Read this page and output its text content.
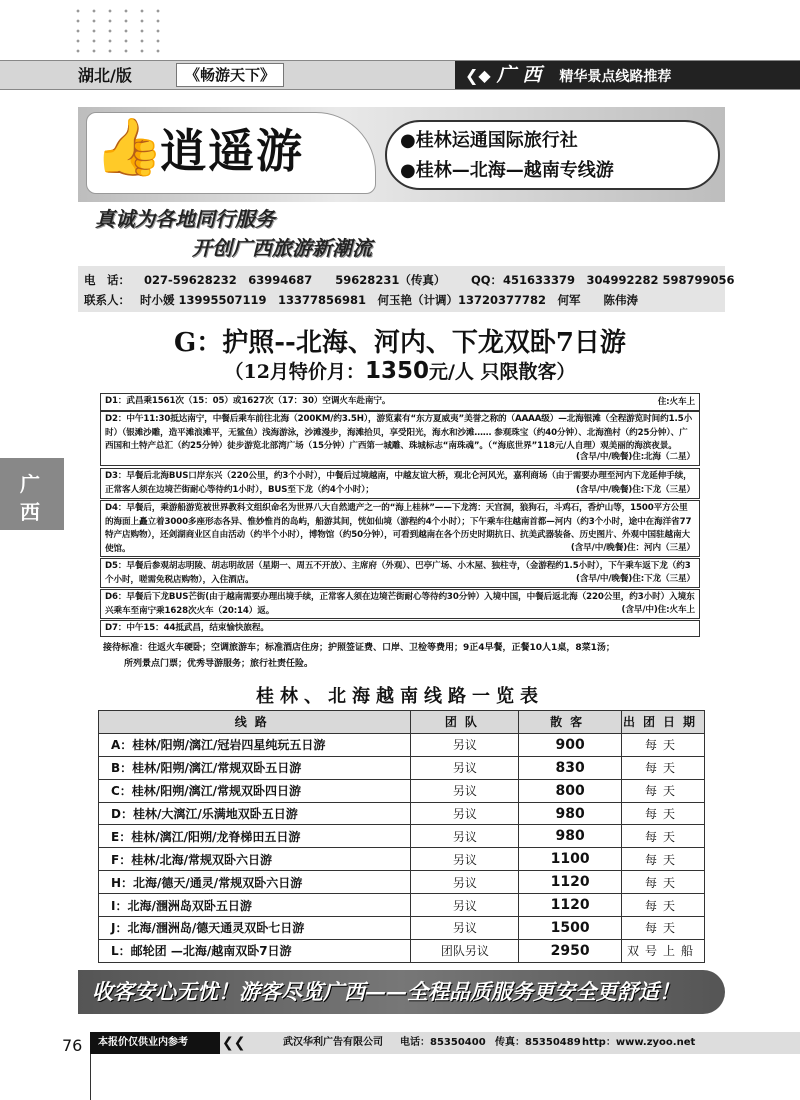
湖北/版	《畅游天下》	❮◆ 广 西 精华景点线路推荐
👍
逍遥游	●桂林运通国际旅行社
●桂林—北海—越南专线游
真诚为各地同行服务
开创广西旅游新潮流
电　话： 027-59628232　63994687　　59628231（传真） QQ： 451633379　304992282 598799056
联系人： 时小媛 13995507119　13377856981　何玉艳（计调）13720377782　何军　　陈伟涛
G：护照--北海、河内、下龙双卧7日游
（12月特价月：1350元/人 只限散客）
D1：武昌乘1561次（15：05）或1627次（17：30）空调火车赴南宁。	住:火车上
D2：中午11:30抵达南宁，中餐后乘车前往北海（200KM/约3.5H），游览素有“东方夏威夷”美誉之称的（AAAA级）—北海银滩（全程游览时间约1.5小时）（银滩沙雕，造平滩浪滩平，无鲨鱼）浅海游泳，沙滩漫步，海滩拾贝，享受阳光，海水和沙滩…… 参观珠宝（约40分钟）、北海渔村（约25分钟）、广西国和土特产总汇（约25分钟）徒步游览北部湾广场（15分钟）广西第一城雕、珠城标志“南珠魂”。（“海底世界”118元/人自理）观美丽的海滨夜景。
(含早/中/晚餐)住:北海（二星）
D3：早餐后北海BUS口岸东兴（220公里，约3个小时），中餐后过境越南，中越友谊大桥，观北仑河风光，嘉利商场（由于需要办理至河内下龙延伸手续，正常客人须在边境芒街耐心等待约1小时），BUS至下龙（约4个小时）；	(含早/中/晚餐)住:下龙（三星）
D4：早餐后，乘游船游览被世界教科文组织命名为世界八大自然遗产之一的“海上桂林”——下龙湾：天宫洞，狼狗石，斗鸡石，香炉山等，1500平方公里的海面上矗立着3000多座形态各异、惟妙惟肖的岛屿，船游其间，恍如仙境（游程约4个小时）；下午乘车往越南首都—河内（约3个小时，途中在海洋省77特产店购物），还剑湖商业区自由活动（约半个小时），博物馆（约50分钟），可看到越南在各个历史时期抗日、抗美武器装备、历史图片、外观中国驻越南大使馆。	(含早/中/晚餐)住：河内（三星）
D5：早餐后参观胡志明陵、胡志明故居（星期一、周五不开放）、主席府（外观）、巴亭广场、小木屋、独柱寺，（金游程约1.5小时），下午乘车返下龙（约3个小时，嗟需免税店购物），入住酒店。	(含早/中/晚餐)住:下龙（三星）
D6：早餐后下龙BUS芒街(由于越南需要办理出境手续，正常客人须在边境芒街耐心等待约30分钟）入境中国，中餐后返北海（220公里，约3小时）入境东兴乘车至南宁乘1628次火车（20:14）返。	(含早/中)住:火车上
D7：中午15：44抵武昌，结束愉快旅程。
接待标准：往返火车硬卧；空调旅游车；标准酒店住房；护照签证费、口岸、卫检等费用；9正4早餐，正餐10人1桌，8菜1汤；
所列景点门票；优秀导游服务；旅行社责任险。
广
西
桂林、北海越南线路一览表
线路	团队	散客	出团日期
A：桂林/阳朔/漓江/冠岩四星纯玩五日游	另议	900	每天
B：桂林/阳朔/漓江/常规双卧五日游	另议	830	每天
C：桂林/阳朔/漓江/常规双卧四日游	另议	800	每天
D：桂林/大漓江/乐满地双卧五日游	另议	980	每天
E：桂林/漓江/阳朔/龙脊梯田五日游	另议	980	每天
F：桂林/北海/常规双卧六日游	另议	1100	每天
H：北海/德天/通灵/常规双卧六日游	另议	1120	每天
I：北海/涠洲岛双卧五日游	另议	1120	每天
J：北海/涠洲岛/德天通灵双卧七日游	另议	1500	每天
L：邮轮团 —北海/越南双卧7日游	团队另议	2950	双号上船
收客安心无忧！游客尽览广西——全程品质服务更安全更舒适！
76	本报价仅供业内参考	❮❮	武汉华利广告有限公司 电话：85350400 传真：85350489 http：www.zyoo.net
